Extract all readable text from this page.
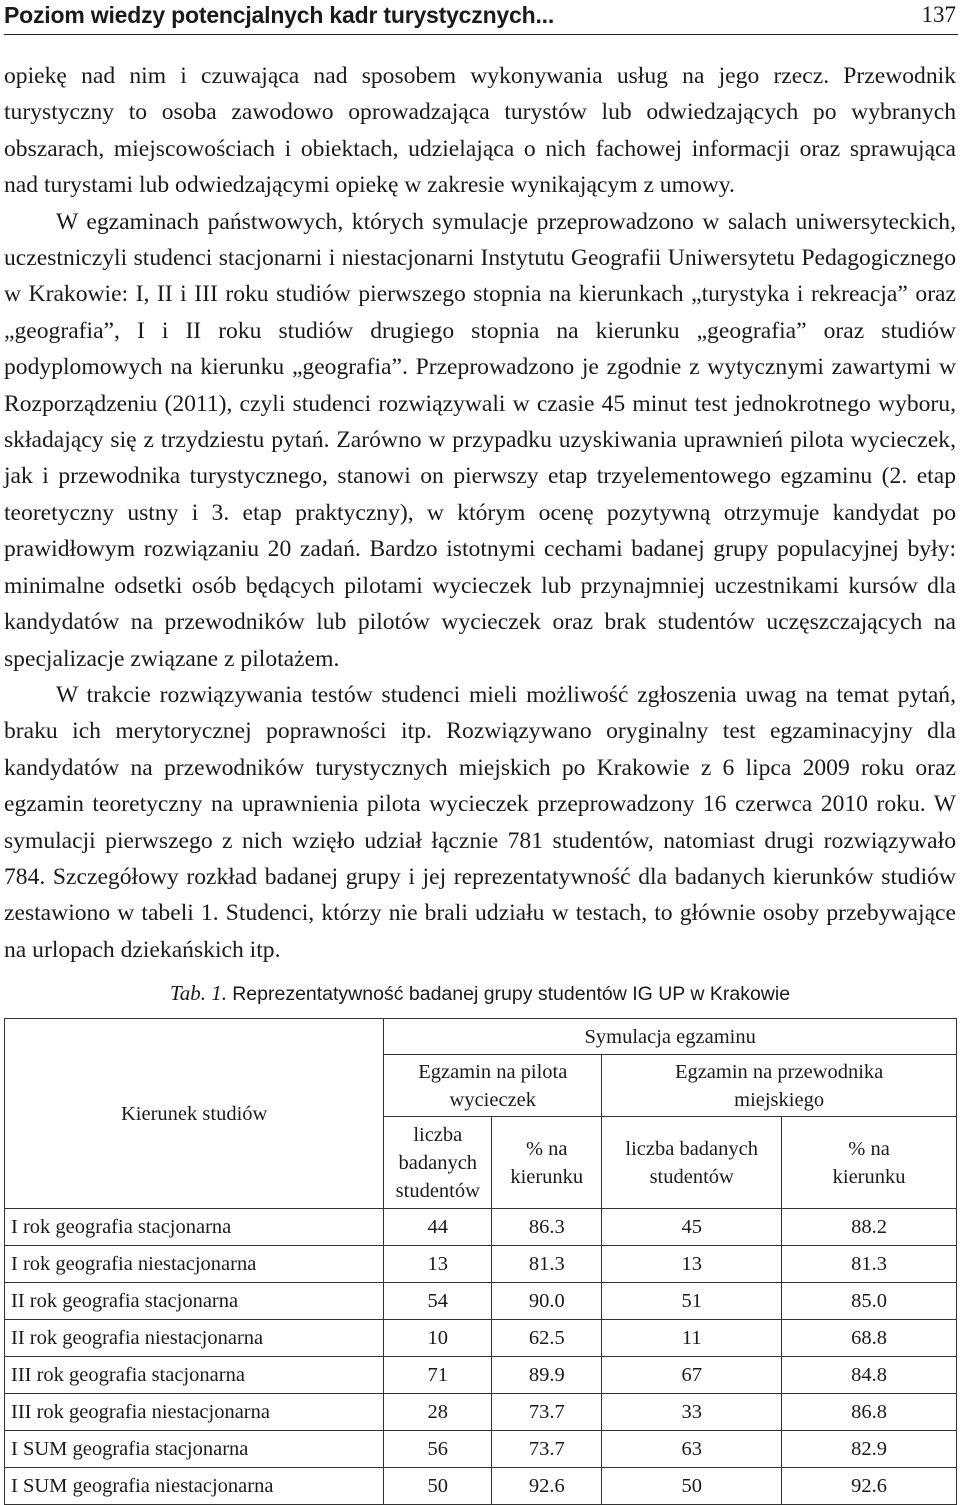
Poziom wiedzy potencjalnych kadr turystycznych...	137

opiekę nad nim i czuwająca nad sposobem wykonywania usług na jego rzecz. Przewodnik turystyczny to osoba zawodowo oprowadzająca turystów lub odwiedzających po wybranych obszarach, miejscowościach i obiektach, udzielająca o nich fachowej informacji oraz sprawująca nad turystami lub odwiedzającymi opiekę w zakresie wynikającym z umowy.

W egzaminach państwowych, których symulacje przeprowadzono w salach uniwersyteckich, uczestniczyli studenci stacjonarni i niestacjonarni Instytutu Geografii Uniwersytetu Pedagogicznego w Krakowie: I, II i III roku studiów pierwszego stopnia na kierunkach „turystyka i rekreacja” oraz „geografia”, I i II roku studiów drugiego stopnia na kierunku „geografia” oraz studiów podyplomowych na kierunku „geografia”. Przeprowadzono je zgodnie z wytycznymi zawartymi w Rozporządzeniu (2011), czyli studenci rozwiązywali w czasie 45 minut test jednokrotnego wyboru, składający się z trzydziestu pytań. Zarówno w przypadku uzyskiwania uprawnień pilota wycieczek, jak i przewodnika turystycznego, stanowi on pierwszy etap trzyelementowego egzaminu (2. etap teoretyczny ustny i 3. etap praktyczny), w którym ocenę pozytywną otrzymuje kandydat po prawidłowym rozwiązaniu 20 zadań. Bardzo istotnymi cechami badanej grupy populacyjnej były: minimalne odsetki osób będących pilotami wycieczek lub przynajmniej uczestnikami kursów dla kandydatów na przewodników lub pilotów wycieczek oraz brak studentów uczęszczających na specjalizacje związane z pilotażem.

W trakcie rozwiązywania testów studenci mieli możliwość zgłoszenia uwag na temat pytań, braku ich merytorycznej poprawności itp. Rozwiązywano oryginalny test egzaminacyjny dla kandydatów na przewodników turystycznych miejskich po Krakowie z 6 lipca 2009 roku oraz egzamin teoretyczny na uprawnienia pilota wycieczek przeprowadzony 16 czerwca 2010 roku. W symulacji pierwszego z nich wzięło udział łącznie 781 studentów, natomiast drugi rozwiązywało 784. Szczegółowy rozkład badanej grupy i jej reprezentatywność dla badanych kierunków studiów zestawiono w tabeli 1. Studenci, którzy nie brali udziału w testach, to głównie osoby przebywające na urlopach dziekańskich itp.

Tab. 1. Reprezentatywność badanej grupy studentów IG UP w Krakowie
Kierunek studiów	Symulacja egzaminu			

	Egzamin na pilota wycieczek		Egzamin na przewodnika miejskiego	

	liczba badanych studentów	% na kierunku	liczba badanych studentów	% na kierunku

I rok geografia stacjonarna	44	86.3	45	88.2
I rok geografia niestacjonarna	13	81.3	13	81.3
II rok geografia stacjonarna	54	90.0	51	85.0
II rok geografia niestacjonarna	10	62.5	11	68.8
III rok geografia stacjonarna	71	89.9	67	84.8
III rok geografia niestacjonarna	28	73.7	33	86.8
I SUM geografia stacjonarna	56	73.7	63	82.9
I SUM geografia niestacjonarna	50	92.6	50	92.6
